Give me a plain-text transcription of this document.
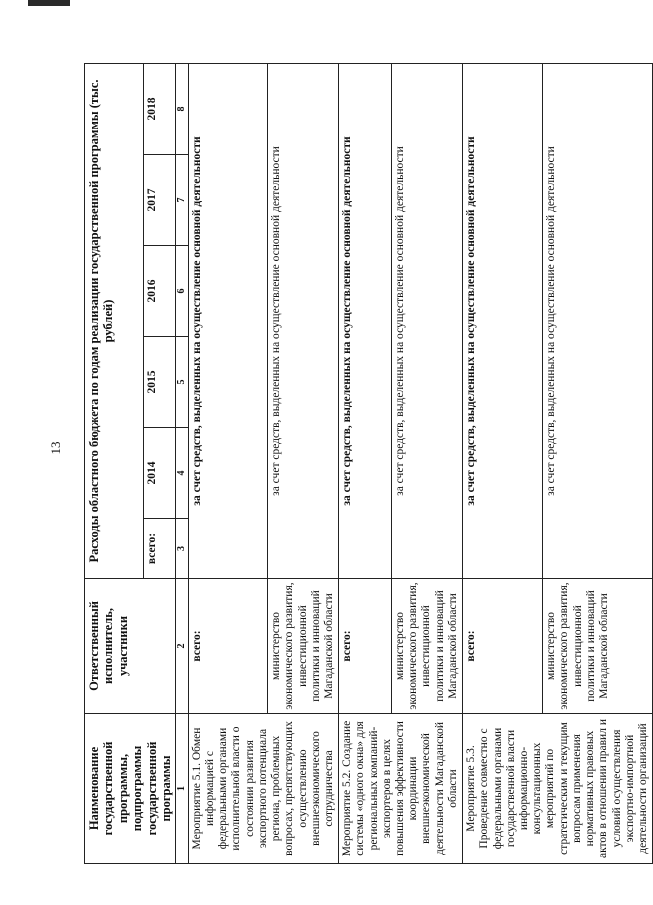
13
Наименование государственной программы, подпрограммы государственной программы	Ответственный исполнитель, участники	Расходы областного бюджета по годам реализации государственной программы (тыс. рублей)					
		всего:	2014	2015	2016	2017	2018
1	2	3	4	5	6	7	8
Мероприятие 5.1. Обмен информацией с федеральными органами исполнительной власти о состоянии развития экспортного потенциала региона, проблемных вопросах, препятствующих осуществлению внешнеэкономического сотрудничества	всего:	за счет средств, выделенных на осуществление основной деятельности					
	министерство экономического развития, инвестиционной политики и инноваций Магаданской области	за счет средств, выделенных на осуществление основной деятельности					
Мероприятие 5.2. Создание системы «одного окна» для региональных компаний-экспортеров в целях повышения эффективности координации внешнеэкономической деятельности Магаданской области	всего:	за счет средств, выделенных на осуществление основной деятельности					
	министерство экономического развития, инвестиционной политики и инноваций Магаданской области	за счет средств, выделенных на осуществление основной деятельности					
Мероприятие 5.3. Проведение совместно с федеральными органами государственной власти информационно-консультационных мероприятий по стратегическим и текущим вопросам применения нормативных правовых актов в отношении правил и условий осуществления экспортно-импортной деятельности организаций	всего:	за счет средств, выделенных на осуществление основной деятельности					
	министерство экономического развития, инвестиционной политики и инноваций Магаданской области	за счет средств, выделенных на осуществление основной деятельности					
